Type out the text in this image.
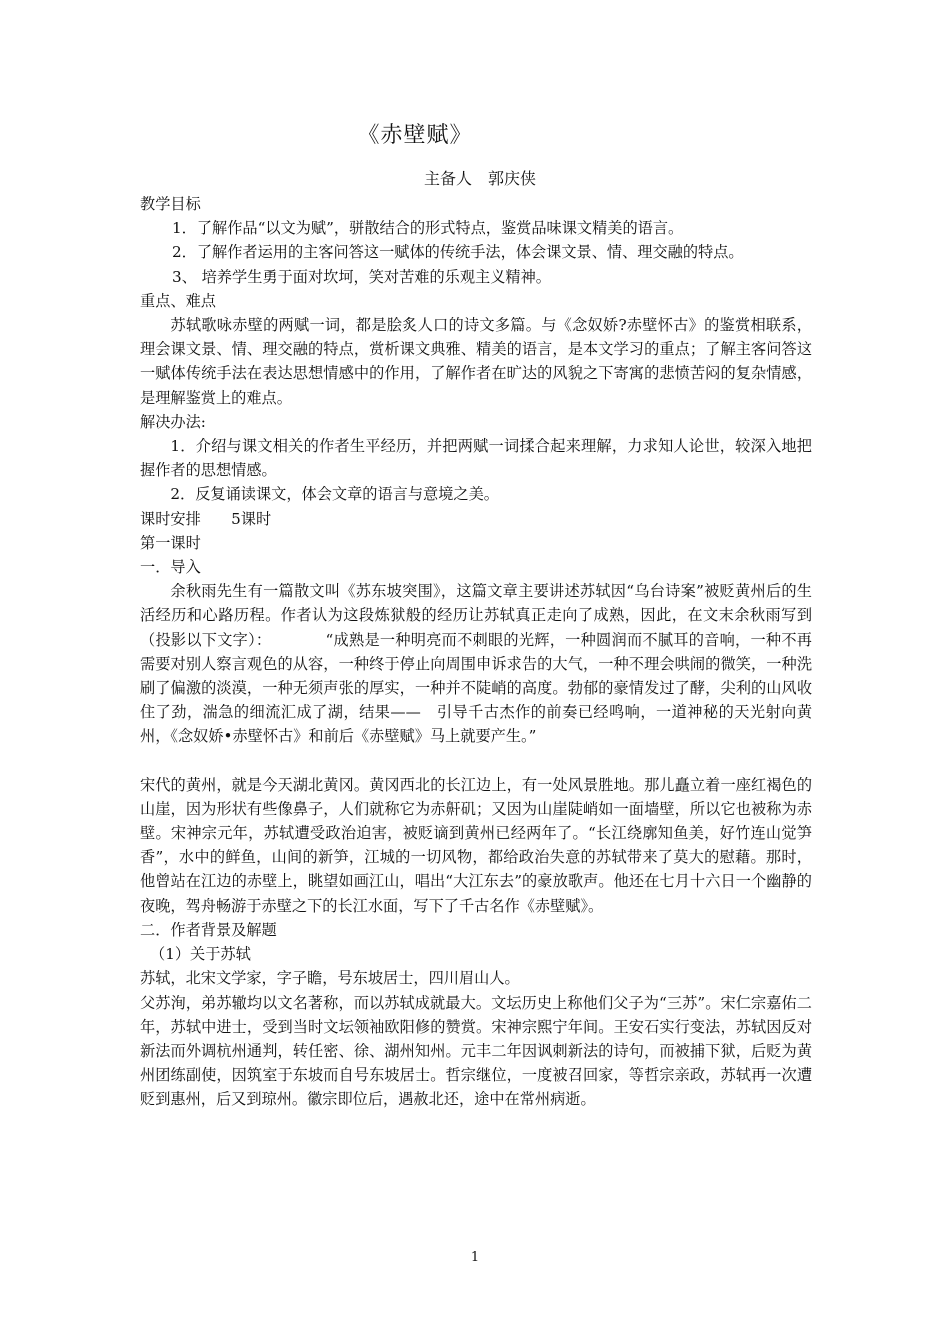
《赤壁赋》
主备人　郭庆侠

教学目标

1．了解作品“以文为赋”，骈散结合的形式特点，鉴赏品味课文精美的语言。

2．了解作者运用的主客问答这一赋体的传统手法，体会课文景、情、理交融的特点。

3、 培养学生勇于面对坎坷，笑对苦难的乐观主义精神。

重点、难点

苏轼歌咏赤壁的两赋一词，都是脍炙人口的诗文多篇。与《念奴娇?赤壁怀古》的鉴赏相联系，理会课文景、情、理交融的特点，赏析课文典雅、精美的语言，是本文学习的重点；了解主客问答这一赋体传统手法在表达思想情感中的作用，了解作者在旷达的风貌之下寄寓的悲愤苦闷的复杂情感，是理解鉴赏上的难点。

解决办法:

1．介绍与课文相关的作者生平经历，并把两赋一词揉合起来理解，力求知人论世，较深入地把握作者的思想情感。

2．反复诵读课文，体会文章的语言与意境之美。

课时安排　　5课时

第一课时

一．导入

余秋雨先生有一篇散文叫《苏东坡突围》，这篇文章主要讲述苏轼因“乌台诗案”被贬黄州后的生活经历和心路历程。作者认为这段炼狱般的经历让苏轼真正走向了成熟，因此，在文末余秋雨写到（投影以下文字）：　　　　“成熟是一种明亮而不刺眼的光辉，一种圆润而不腻耳的音响，一种不再需要对别人察言观色的从容，一种终于停止向周围申诉求告的大气，一种不理会哄闹的微笑，一种洗刷了偏激的淡漠，一种无须声张的厚实，一种并不陡峭的高度。勃郁的豪情发过了酵，尖利的山风收住了劲，湍急的细流汇成了湖，结果——　引导千古杰作的前奏已经鸣响，一道神秘的天光射向黄州，《念奴娇•赤壁怀古》和前后《赤壁赋》马上就要产生。”

宋代的黄州，就是今天湖北黄冈。黄冈西北的长江边上，有一处风景胜地。那儿矗立着一座红褐色的山崖，因为形状有些像鼻子，人们就称它为赤鼾矶；又因为山崖陡峭如一面墙壁，所以它也被称为赤壁。宋神宗元年，苏轼遭受政治迫害，被贬谪到黄州已经两年了。“长江绕廓知鱼美，好竹连山觉笋香”，水中的鲜鱼，山间的新笋，江城的一切风物，都给政治失意的苏轼带来了莫大的慰藉。那时，他曾站在江边的赤壁上，眺望如画江山，唱出“大江东去”的豪放歌声。他还在七月十六日一个幽静的夜晚，驾舟畅游于赤壁之下的长江水面，写下了千古名作《赤壁赋》。

二．作者背景及解题

（1）关于苏轼

苏轼，北宋文学家，字子瞻，号东坡居士，四川眉山人。

父苏洵，弟苏辙均以文名著称，而以苏轼成就最大。文坛历史上称他们父子为“三苏”。宋仁宗嘉佑二年，苏轼中进士，受到当时文坛领袖欧阳修的赞赏。宋神宗熙宁年间。王安石实行变法，苏轼因反对新法而外调杭州通判，转任密、徐、湖州知州。元丰二年因讽刺新法的诗句，而被捕下狱，后贬为黄州团练副使，因筑室于东坡而自号东坡居士。哲宗继位，一度被召回家，等哲宗亲政，苏轼再一次遭贬到惠州，后又到琼州。徽宗即位后，遇赦北还，途中在常州病逝。

1
